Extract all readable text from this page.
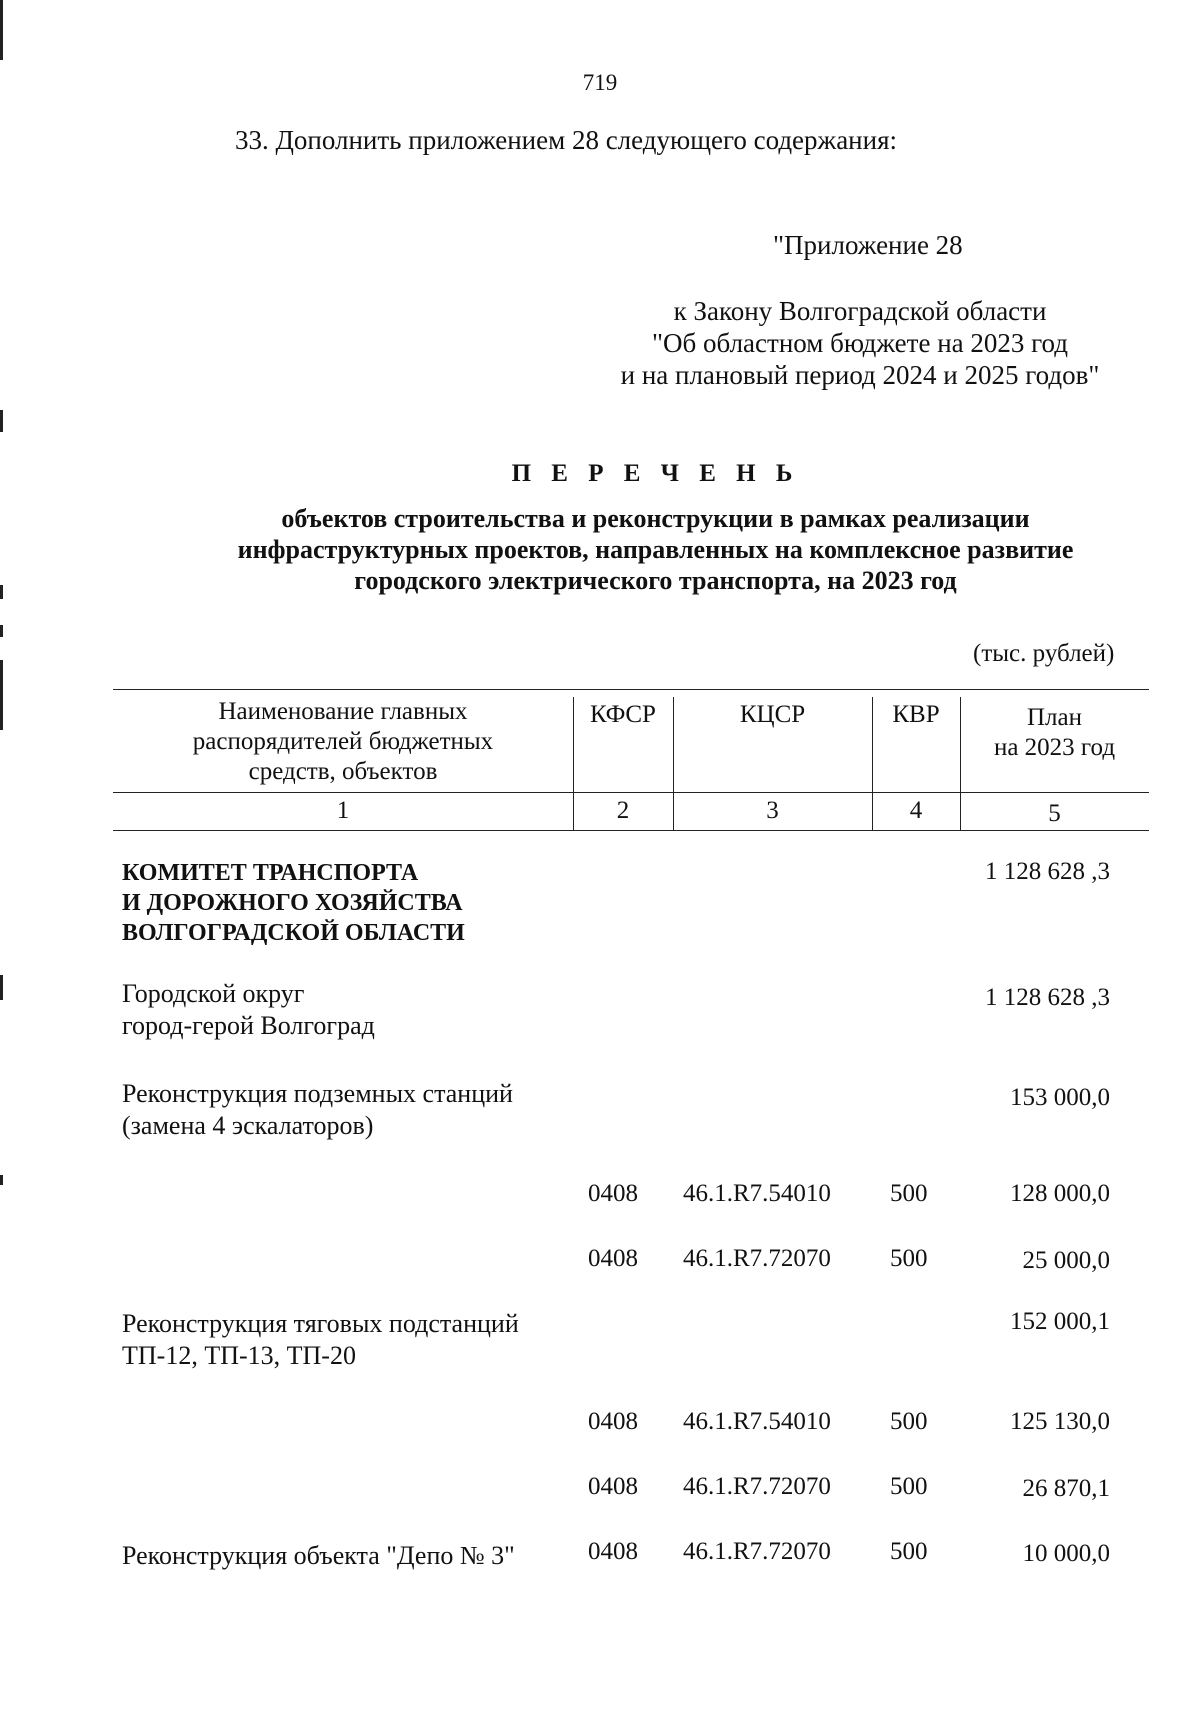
719
33. Дополнить приложением 28 следующего содержания:
"Приложение 28
к Закону Волгоградской области
"Об областном бюджете на 2023 год
и на плановый период 2024 и 2025 годов"
П Е Р Е Ч Е Н Ь
объектов строительства и реконструкции в рамках реализации
инфраструктурных проектов, направленных на комплексное развитие
городского электрического транспорта, на 2023 год
(тыс. рублей)
Наименование главных
распорядителей бюджетных
средств, объектов
КФСР	КЦСР	КВР	План
на 2023 год
1	2	3	4	5
КОМИТЕТ ТРАНСПОРТА
И ДОРОЖНОГО ХОЗЯЙСТВА
ВОЛГОГРАДСКОЙ ОБЛАСТИ
1 128 628 ,3
Городской округ
город-герой Волгоград
1 128 628 ,3
Реконструкция подземных станций
(замена 4 эскалаторов)
153 000,0
0408 46.1.R7.54010 500	128 000,0
0408 46.1.R7.72070 500	25 000,0
Реконструкция тяговых подстанций
ТП-12, ТП-13, ТП-20
152 000,1
0408 46.1.R7.54010 500	125 130,0
0408 46.1.R7.72070 500	26 870,1
Реконструкция объекта "Депо № 3"	0408 46.1.R7.72070 500	10 000,0
